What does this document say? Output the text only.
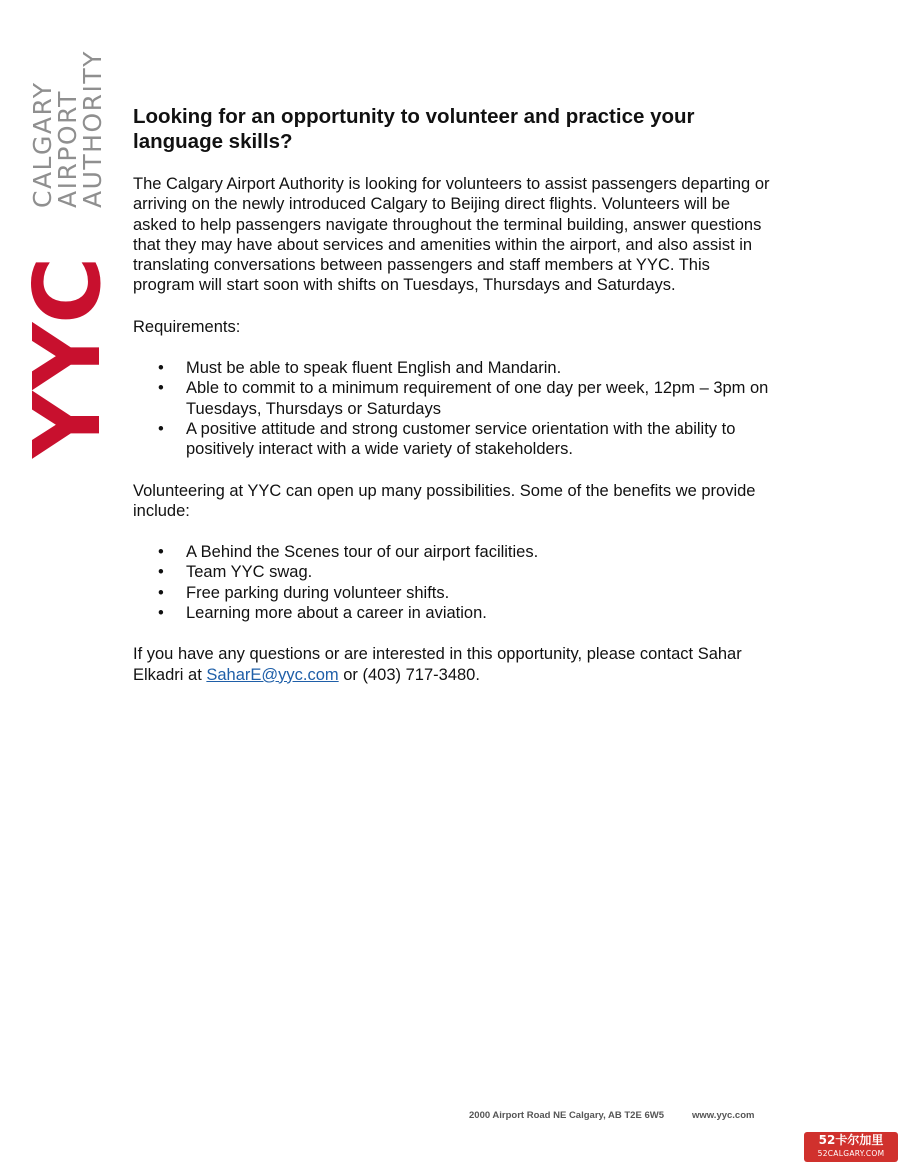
CALGARY
AIRPORT
AUTHORITY
YYC
Looking for an opportunity to volunteer and practice your language skills?

The Calgary Airport Authority is looking for volunteers to assist passengers departing or arriving on the newly introduced Calgary to Beijing direct flights. Volunteers will be asked to help passengers navigate throughout the terminal building, answer questions that they may have about services and amenities within the airport, and also assist in translating conversations between passengers and staff members at YYC. This program will start soon with shifts on Tuesdays, Thursdays and Saturdays.

Requirements:

• Must be able to speak fluent English and Mandarin.
• Able to commit to a minimum requirement of one day per week, 12pm – 3pm on Tuesdays, Thursdays or Saturdays
• A positive attitude and strong customer service orientation with the ability to positively interact with a wide variety of stakeholders.

Volunteering at YYC can open up many possibilities. Some of the benefits we provide include:

• A Behind the Scenes tour of our airport facilities.
• Team YYC swag.
• Free parking during volunteer shifts.
• Learning more about a career in aviation.

If you have any questions or are interested in this opportunity, please contact Sahar Elkadri at SaharE@yyc.com or (403) 717-3480.

2000 Airport Road NE Calgary, AB T2E 6W5	www.yyc.com
52卡尔加里
52CALGARY.COM
